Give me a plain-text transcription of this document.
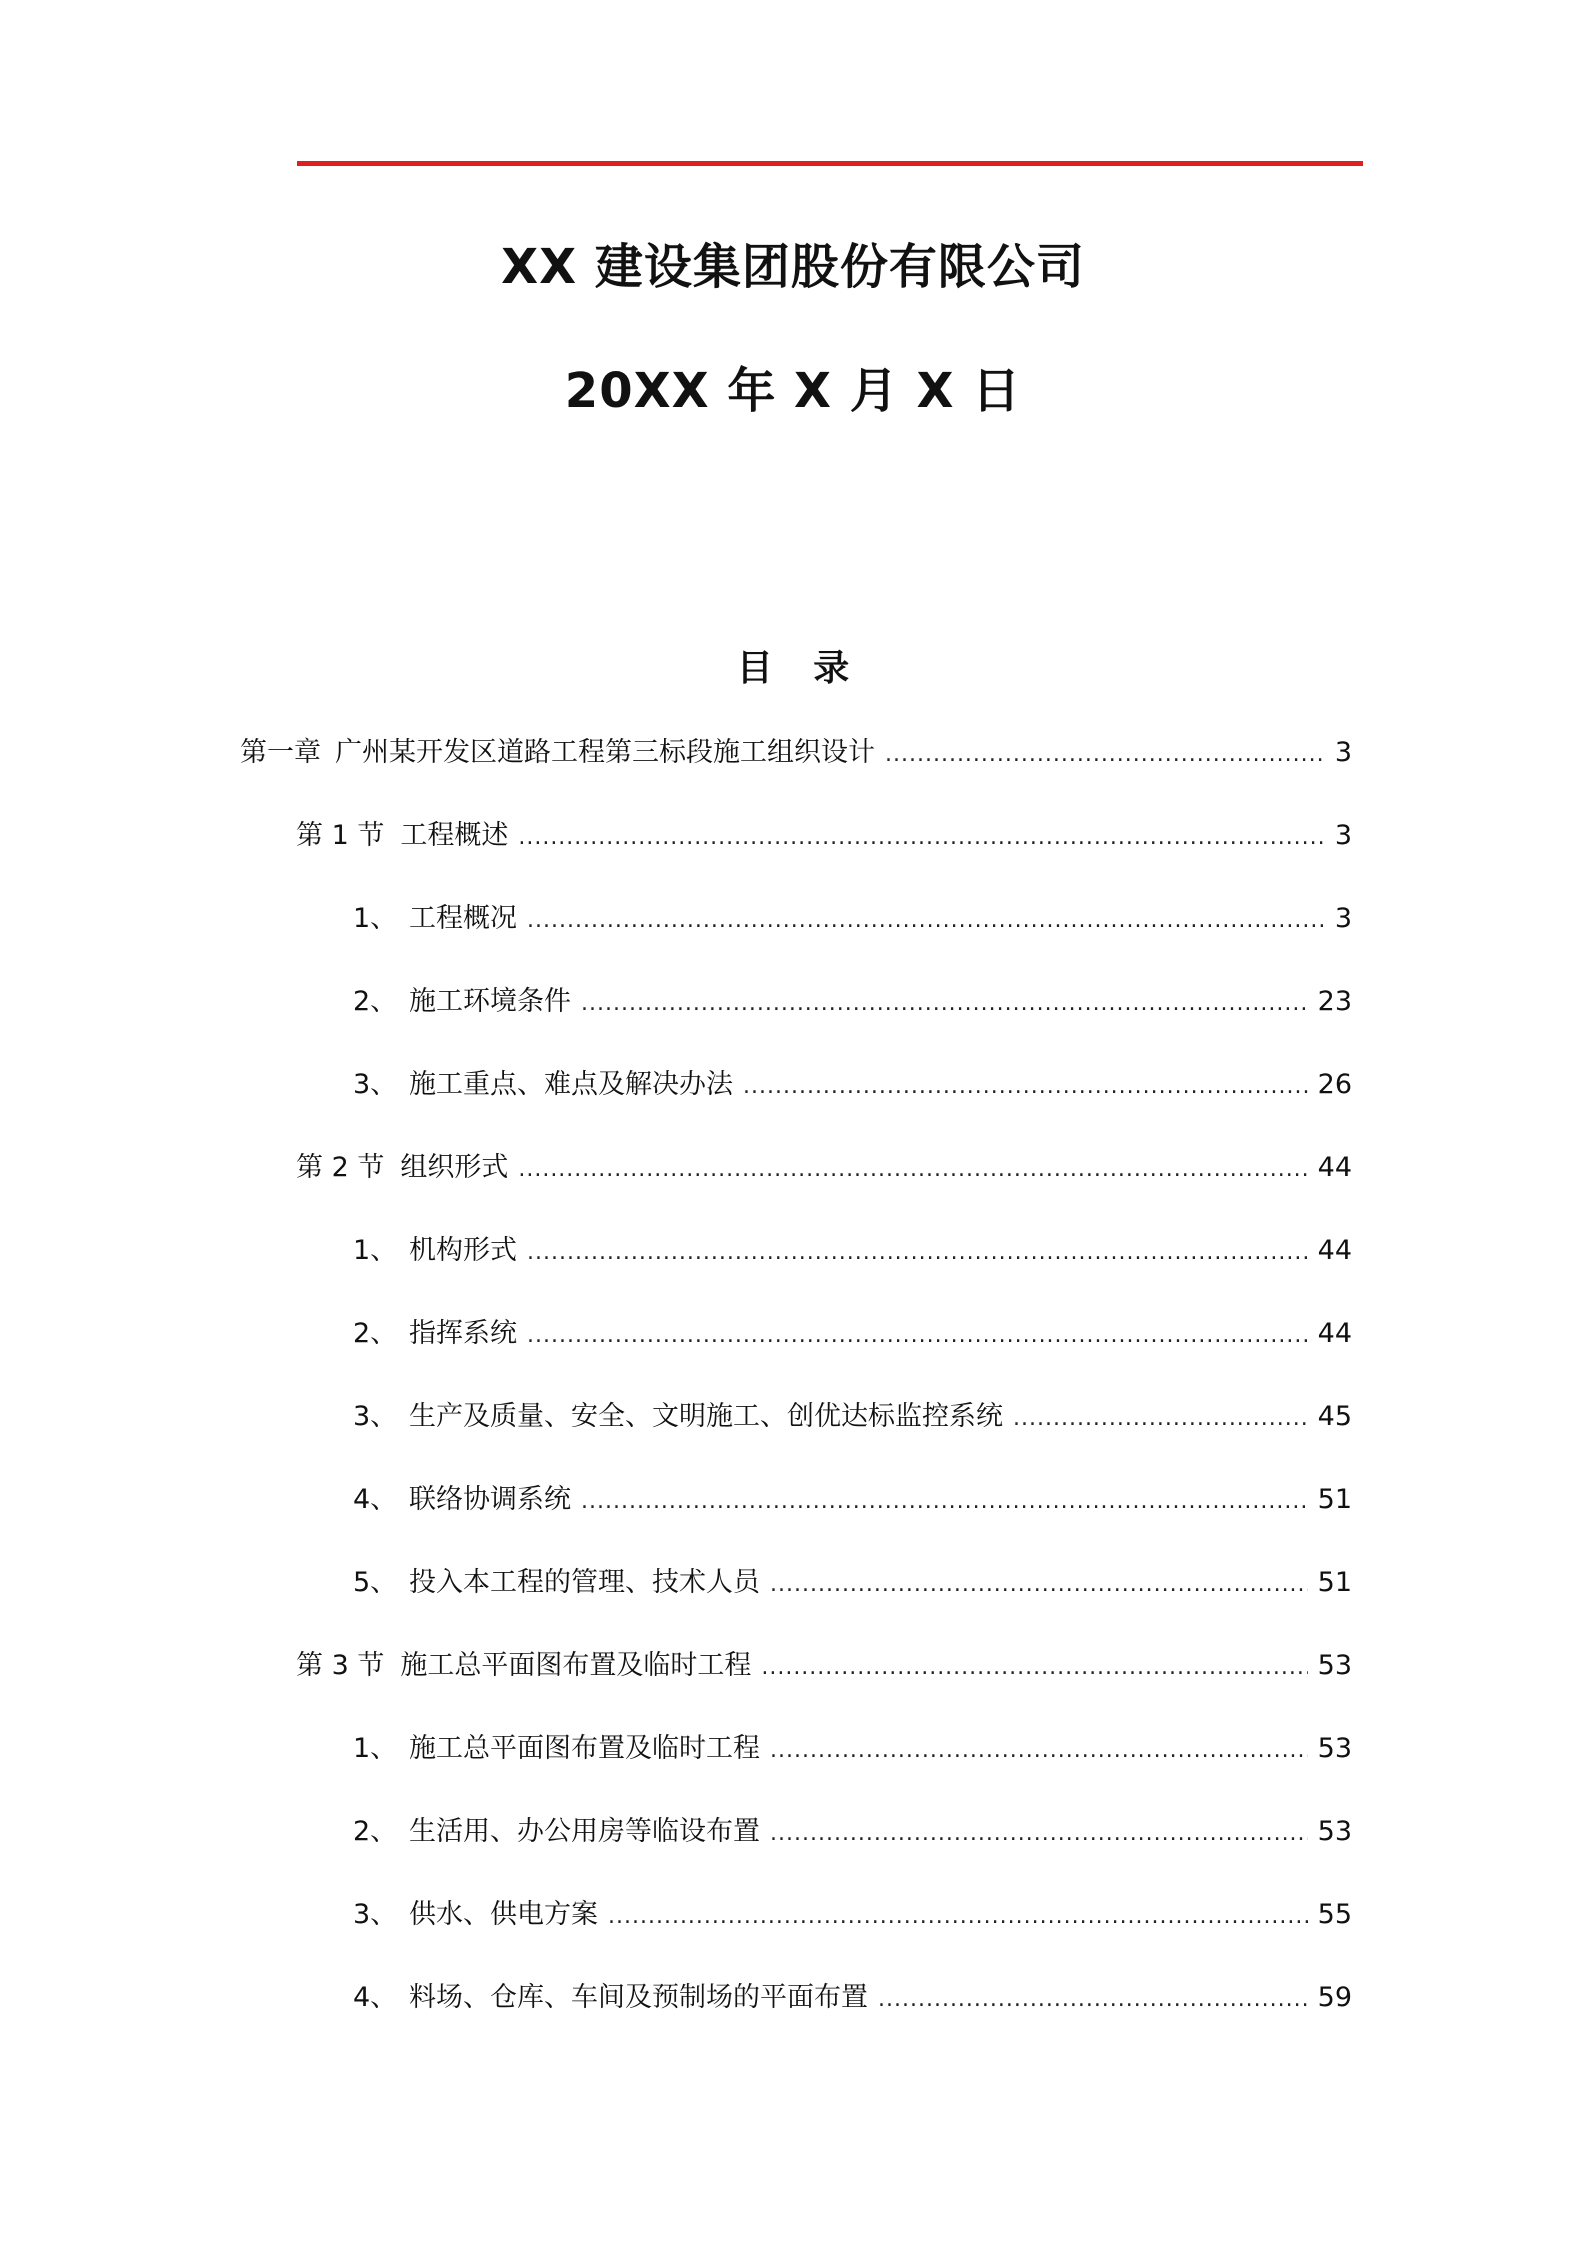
XX 建设集团股份有限公司
20XX 年 X 月 X 日
目 录
第一章 广州某开发区道路工程第三标段施工组织设计 .....	3
第 1 节 工程概述 .....	3
1、 工程概况 .....	3
2、 施工环境条件 .....	23
3、 施工重点、难点及解决办法 .....	26
第 2 节 组织形式 .....	44
1、 机构形式 .....	44
2、 指挥系统 .....	44
3、 生产及质量、安全、文明施工、创优达标监控系统 .....	45
4、 联络协调系统 .....	51
5、 投入本工程的管理、技术人员 .....	51
第 3 节 施工总平面图布置及临时工程 .....	53
1、 施工总平面图布置及临时工程 .....	53
2、 生活用、办公用房等临设布置 .....	53
3、 供水、供电方案 .....	55
4、 料场、仓库、车间及预制场的平面布置 .....	59
